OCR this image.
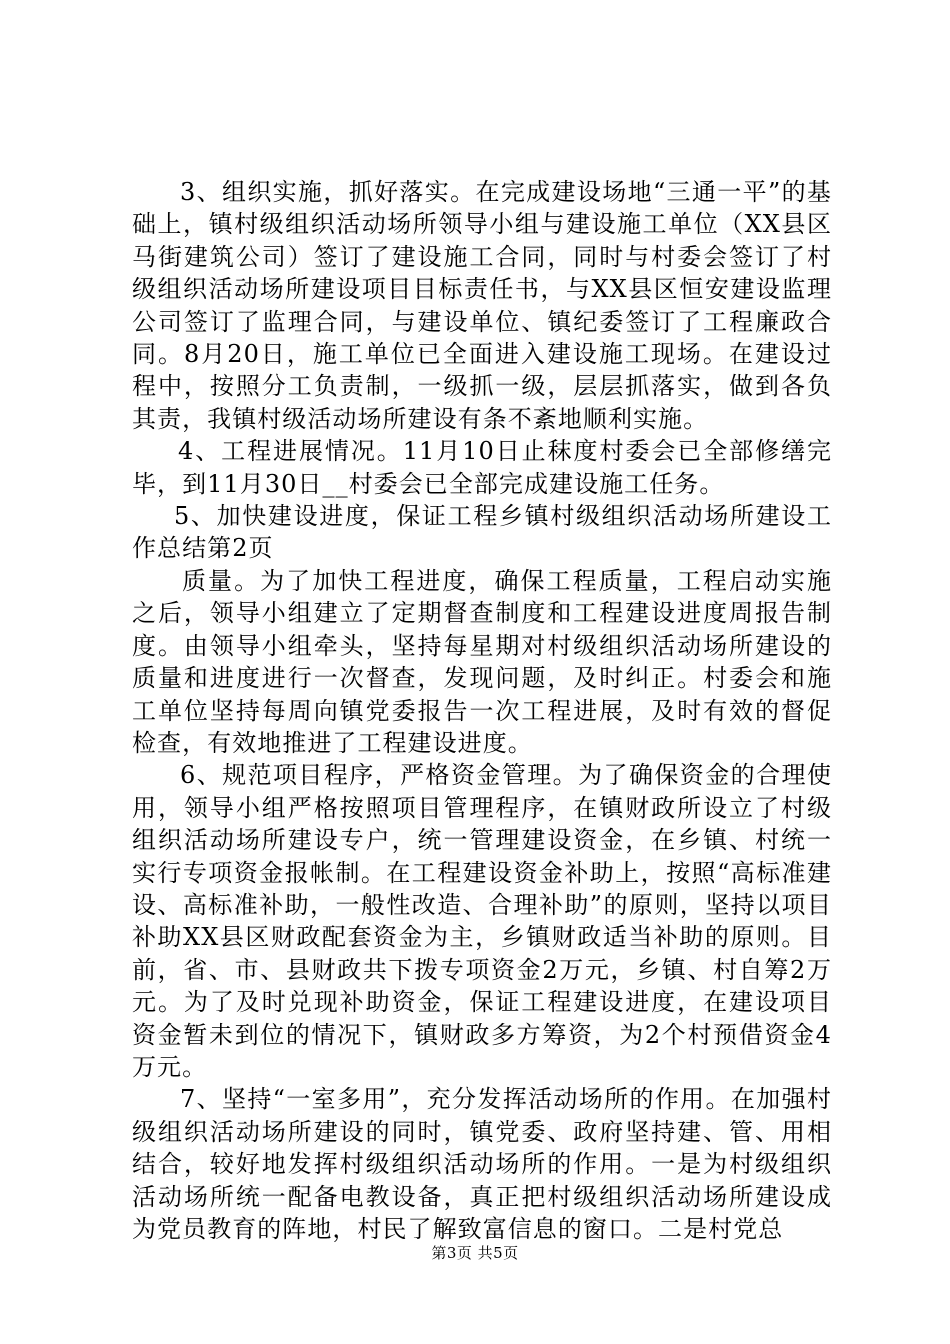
3、组织实施，抓好落实。在完成建设场地“三通一平”的基础上，镇村级组织活动场所领导小组与建设施工单位（XX县区马街建筑公司）签订了建设施工合同，同时与村委会签订了村级组织活动场所建设项目目标责任书，与XX县区恒安建设监理公司签订了监理合同，与建设单位、镇纪委签订了工程廉政合同。8月20日，施工单位已全面进入建设施工现场。在建设过程中，按照分工负责制，一级抓一级，层层抓落实，做到各负其责，我镇村级活动场所建设有条不紊地顺利实施。

4、工程进展情况。11月10日止秣度村委会已全部修缮完毕，到11月30日__村委会已全部完成建设施工任务。

5、加快建设进度，保证工程乡镇村级组织活动场所建设工作总结第2页

质量。为了加快工程进度，确保工程质量，工程启动实施之后，领导小组建立了定期督查制度和工程建设进度周报告制度。由领导小组牵头，坚持每星期对村级组织活动场所建设的质量和进度进行一次督查，发现问题，及时纠正。村委会和施工单位坚持每周向镇党委报告一次工程进展，及时有效的督促检查，有效地推进了工程建设进度。

6、规范项目程序，严格资金管理。为了确保资金的合理使用，领导小组严格按照项目管理程序，在镇财政所设立了村级组织活动场所建设专户，统一管理建设资金，在乡镇、村统一实行专项资金报帐制。在工程建设资金补助上，按照“高标准建设、高标准补助，一般性改造、合理补助”的原则，坚持以项目补助XX县区财政配套资金为主，乡镇财政适当补助的原则。目前，省、市、县财政共下拨专项资金2万元，乡镇、村自筹2万元。为了及时兑现补助资金，保证工程建设进度，在建设项目资金暂未到位的情况下，镇财政多方筹资，为2个村预借资金4万元。

7、坚持“一室多用”，充分发挥活动场所的作用。在加强村级组织活动场所建设的同时，镇党委、政府坚持建、管、用相结合，较好地发挥村级组织活动场所的作用。一是为村级组织活动场所统一配备电教设备，真正把村级组织活动场所建设成为党员教育的阵地，村民了解致富信息的窗口。二是村党总

第3页 共5页
